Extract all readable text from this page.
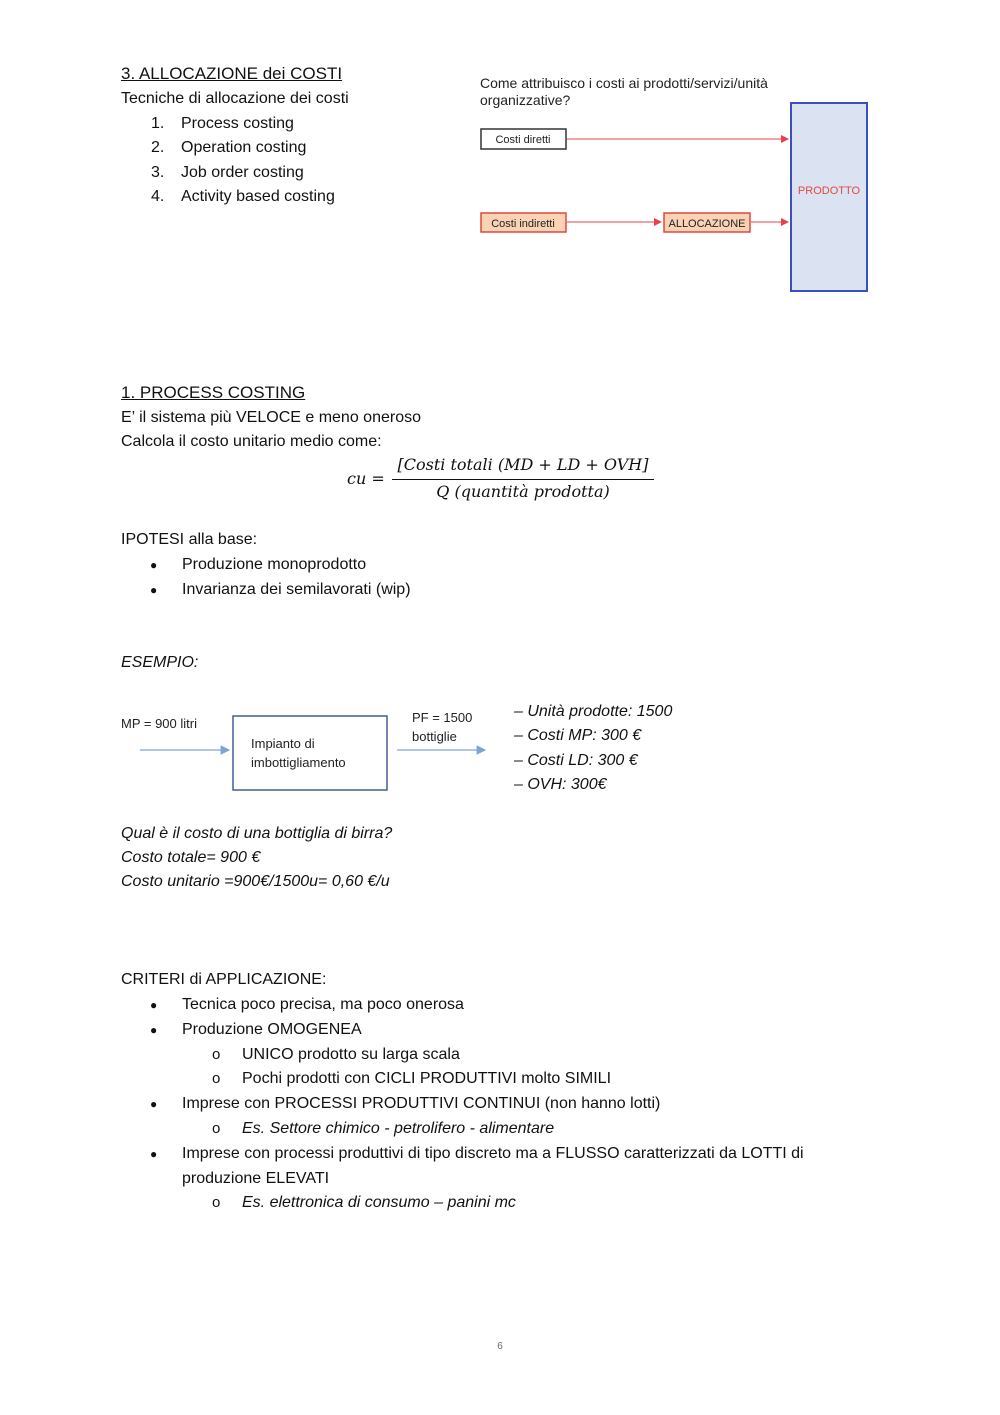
3. ALLOCAZIONE dei COSTI
Tecniche di allocazione dei costi
1. Process costing
2. Operation costing
3. Job order costing
4. Activity based costing
Come attribuisco i costi ai prodotti/servizi/unità
organizzative?
PRODOTTO
Costi diretti
Costi indiretti	ALLOCAZIONE
1. PROCESS COSTING
E’ il sistema più VELOCE e meno oneroso
Calcola il costo unitario medio come:
cu =
[Costi totali (MD + LD + OVH]
Q (quantità prodotta)
IPOTESI alla base:
● Produzione monoprodotto
● Invarianza dei semilavorati (wip)
ESEMPIO:
MP = 900 litri
Impianto di
imbottigliamento
PF = 1500
bottiglie
– Unità prodotte: 1500
– Costi MP: 300 €
– Costi LD: 300 €
– OVH: 300€
Qual è il costo di una bottiglia di birra?
Costo totale= 900 €
Costo unitario =900€/1500u= 0,60 €/u
CRITERI di APPLICAZIONE:
● Tecnica poco precisa, ma poco onerosa
● Produzione OMOGENEA
o UNICO prodotto su larga scala
o Pochi prodotti con CICLI PRODUTTIVI molto SIMILI
● Imprese con PROCESSI PRODUTTIVI CONTINUI (non hanno lotti)
o Es. Settore chimico - petrolifero - alimentare
● Imprese con processi produttivi di tipo discreto ma a FLUSSO caratterizzati da LOTTI di
produzione ELEVATI
o Es. elettronica di consumo – panini mc
6
